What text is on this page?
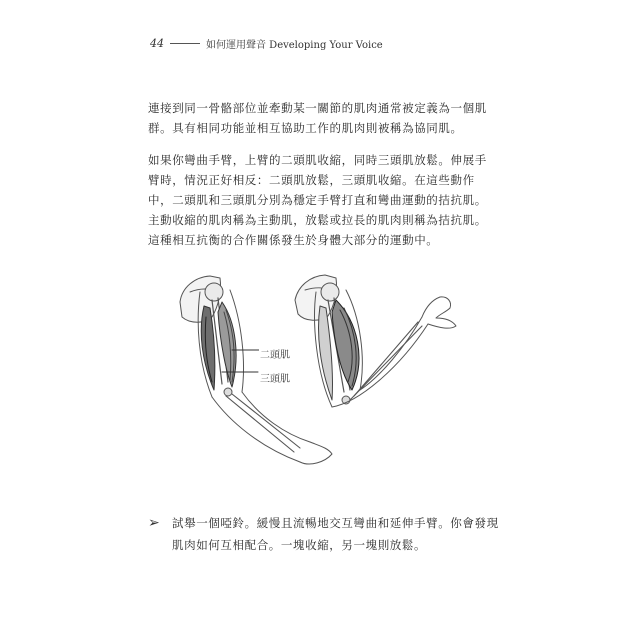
44	如何運用聲音 Developing Your Voice

連接到同一骨骼部位並牽動某一關節的肌肉通常被定義為一個肌群。具有相同功能並相互協助工作的肌肉則被稱為協同肌。

如果你彎曲手臂，上臂的二頭肌收縮，同時三頭肌放鬆。伸展手臂時，情況正好相反：二頭肌放鬆，三頭肌收縮。在這些動作中，二頭肌和三頭肌分別為穩定手臂打直和彎曲運動的拮抗肌。主動收縮的肌肉稱為主動肌，放鬆或拉長的肌肉則稱為拮抗肌。這種相互抗衡的合作關係發生於身體大部分的運動中。

二頭肌
三頭肌
➢ 試舉一個啞鈴。緩慢且流暢地交互彎曲和延伸手臂。你會發現肌肉如何互相配合。一塊收縮，另一塊則放鬆。
